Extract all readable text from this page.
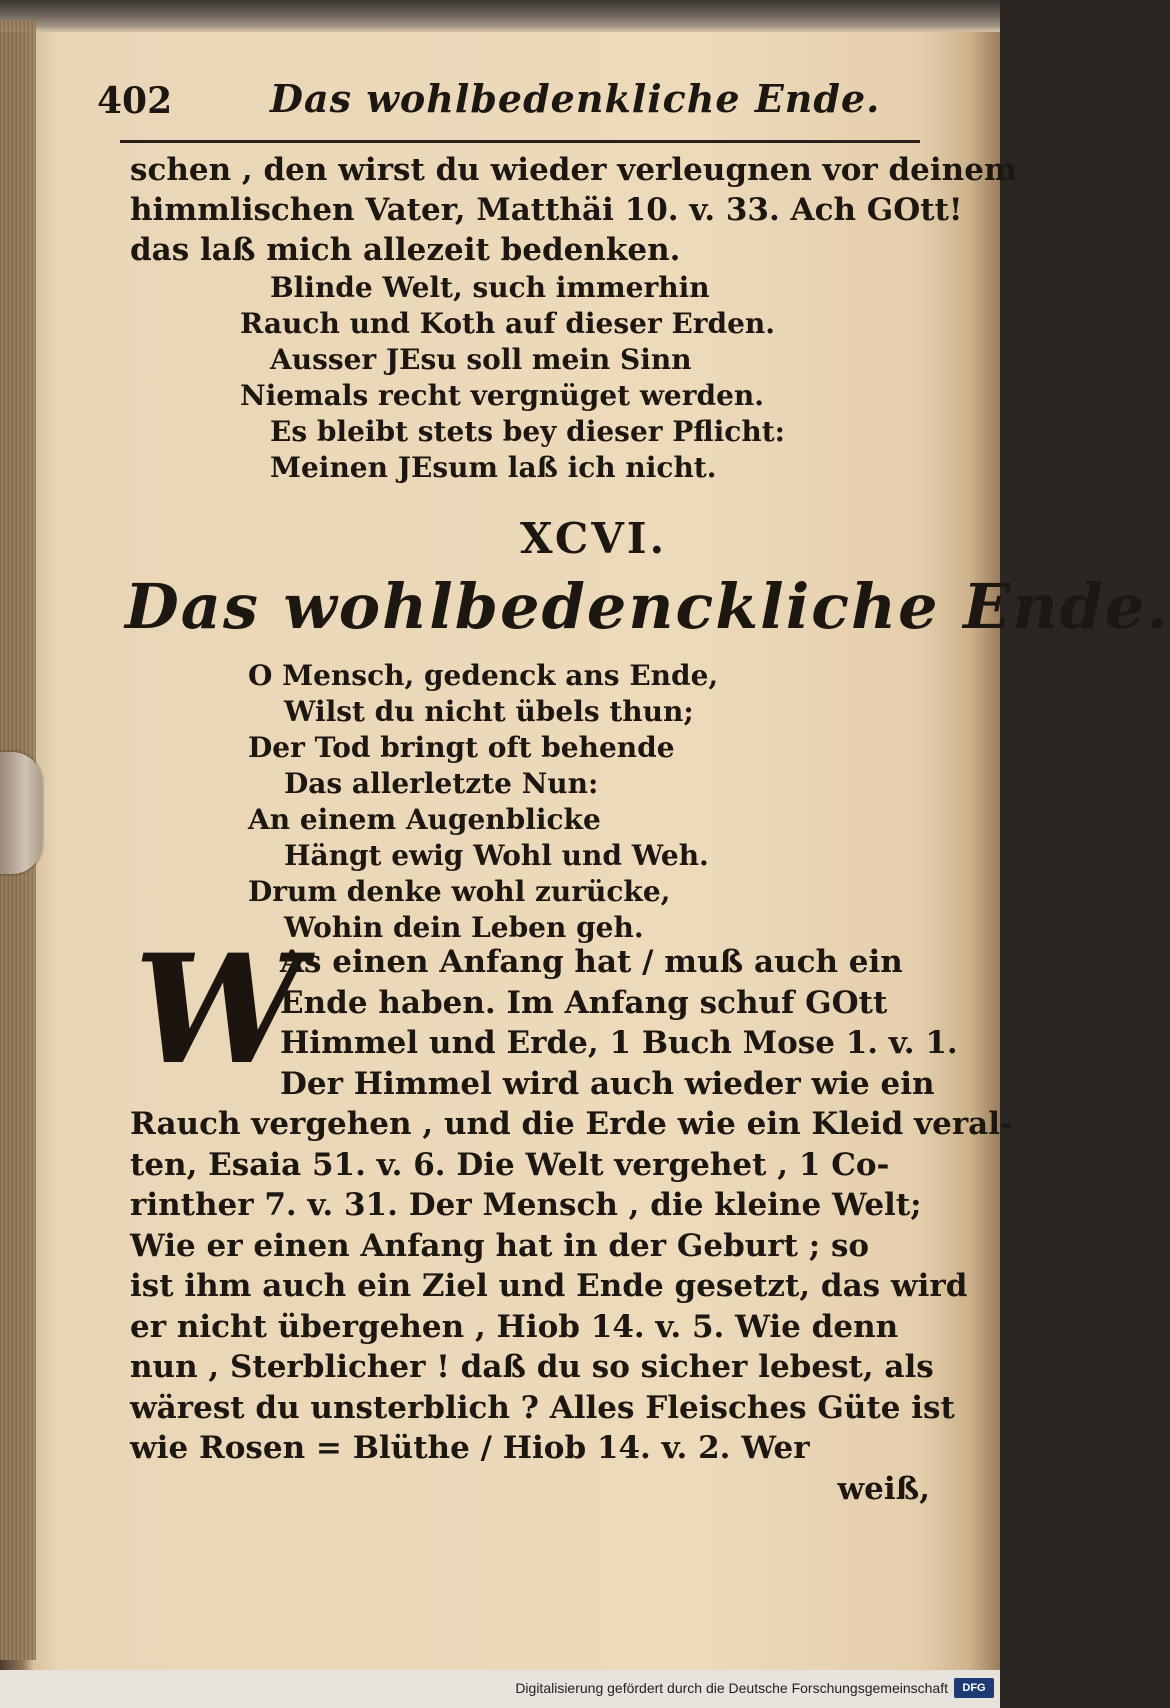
402	Das wohlbedenkliche Ende.
schen , den wirst du wieder verleugnen vor deinem
himmlischen Vater, Matthäi 10. v. 33. Ach GOtt!
das laß mich allezeit bedenken.
Blinde Welt, such immerhin
Rauch und Koth auf dieser Erden.
Ausser JEsu soll mein Sinn
Niemals recht vergnüget werden.
Es bleibt stets bey dieser Pflicht:
Meinen JEsum laß ich nicht.
XCVI.
Das wohlbedenckliche Ende.
O Mensch, gedenck ans Ende,
Wilst du nicht übels thun;
Der Tod bringt oft behende
Das allerletzte Nun:
An einem Augenblicke
Hängt ewig Wohl und Weh.
Drum denke wohl zurücke,
Wohin dein Leben geh.
W
As einen Anfang hat / muß auch ein
Ende haben. Im Anfang schuf GOtt
Himmel und Erde, 1 Buch Mose 1. v. 1.
Der Himmel wird auch wieder wie ein
Rauch vergehen , und die Erde wie ein Kleid veral-
ten, Esaia 51. v. 6. Die Welt vergehet , 1 Co-
rinther 7. v. 31. Der Mensch , die kleine Welt;
Wie er einen Anfang hat in der Geburt ; so
ist ihm auch ein Ziel und Ende gesetzt, das wird
er nicht übergehen , Hiob 14. v. 5. Wie denn
nun , Sterblicher ! daß du so sicher lebest, als
wärest du unsterblich ? Alles Fleisches Güte ist
wie Rosen = Blüthe / Hiob 14. v. 2. Wer
weiß,
Digitalisierung gefördert durch die Deutsche Forschungsgemeinschaft	DFG
